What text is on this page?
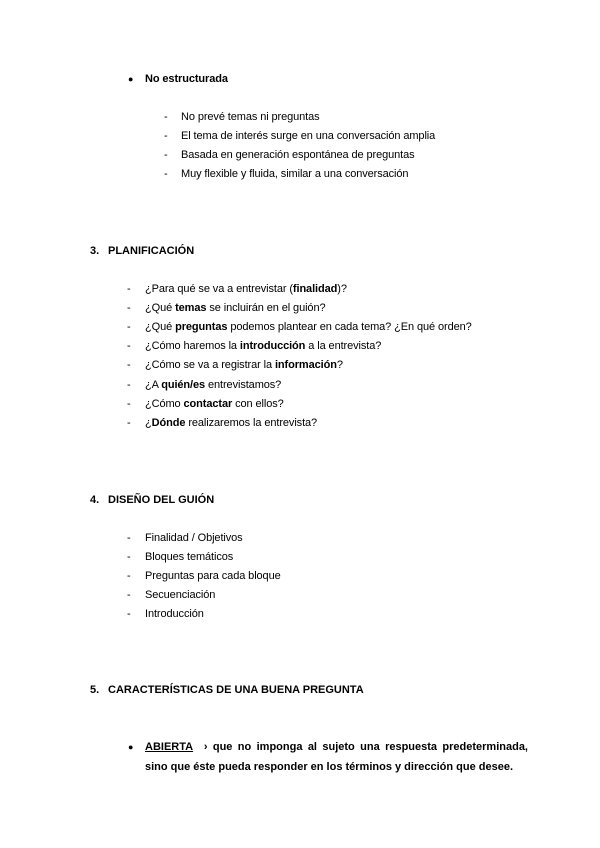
● No estructurada
- No prevé temas ni preguntas
- El tema de interés surge en una conversación amplia
- Basada en generación espontánea de preguntas
- Muy flexible y fluida, similar a una conversación
3. PLANIFICACIÓN
- ¿Para qué se va a entrevistar (finalidad)?
- ¿Qué temas se incluirán en el guión?
- ¿Qué preguntas podemos plantear en cada tema? ¿En qué orden?
- ¿Cómo haremos la introducción a la entrevista?
- ¿Cómo se va a registrar la información?
- ¿A quién/es entrevistamos?
- ¿Cómo contactar con ellos?
- ¿Dónde realizaremos la entrevista?
4. DISEÑO DEL GUIÓN
- Finalidad / Objetivos
- Bloques temáticos
- Preguntas para cada bloque
- Secuenciación
- Introducción
5. CARACTERÍSTICAS DE UNA BUENA PREGUNTA
● ABIERTA › que no imponga al sujeto una respuesta predeterminada,
sino que éste pueda responder en los términos y dirección que desee.
